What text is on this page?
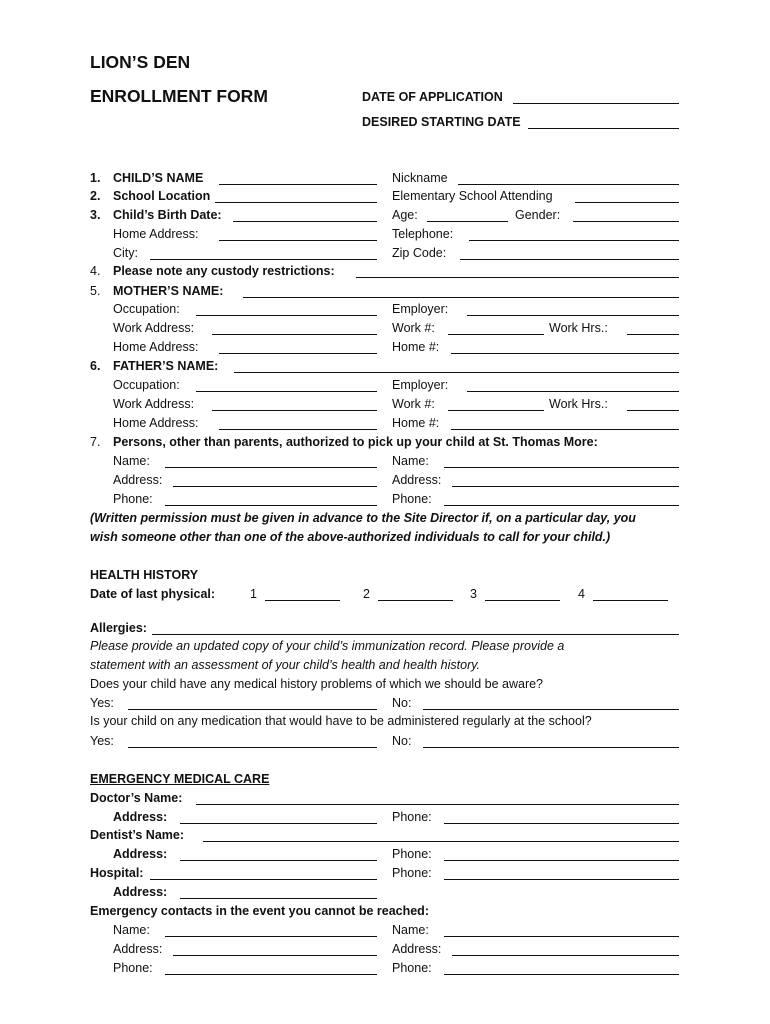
LION’S DEN
ENROLLMENT FORM	DATE OF APPLICATION
DESIRED STARTING DATE
1. CHILD’S NAME	Nickname
2. School Location	Elementary School Attending
3. Child’s Birth Date:	Age:	Gender:
Home Address:	Telephone:
City:	Zip Code:
4. Please note any custody restrictions:
5. MOTHER’S NAME:
Occupation:	Employer:
Work Address:	Work #:	Work Hrs.:
Home Address:	Home #:
6. FATHER’S NAME:
Occupation:	Employer:
Work Address:	Work #:	Work Hrs.:
Home Address:	Home #:
7. Persons, other than parents, authorized to pick up your child at St. Thomas More:
Name:	Name:
Address:	Address:
Phone:	Phone:
(Written permission must be given in advance to the Site Director if, on a particular day, you
wish someone other than one of the above-authorized individuals to call for your child.)
HEALTH HISTORY
Date of last physical:	1	2	3	4
Allergies:
Please provide an updated copy of your child’s immunization record. Please provide a
statement with an assessment of your child’s health and health history.
Does your child have any medical history problems of which we should be aware?
Yes:	No:
Is your child on any medication that would have to be administered regularly at the school?
Yes:	No:
EMERGENCY MEDICAL CARE
Doctor’s Name:
Address:	Phone:
Dentist’s Name:
Address:	Phone:
Hospital:	Phone:
Address:
Emergency contacts in the event you cannot be reached:
Name:	Name:
Address:	Address:
Phone:	Phone:
